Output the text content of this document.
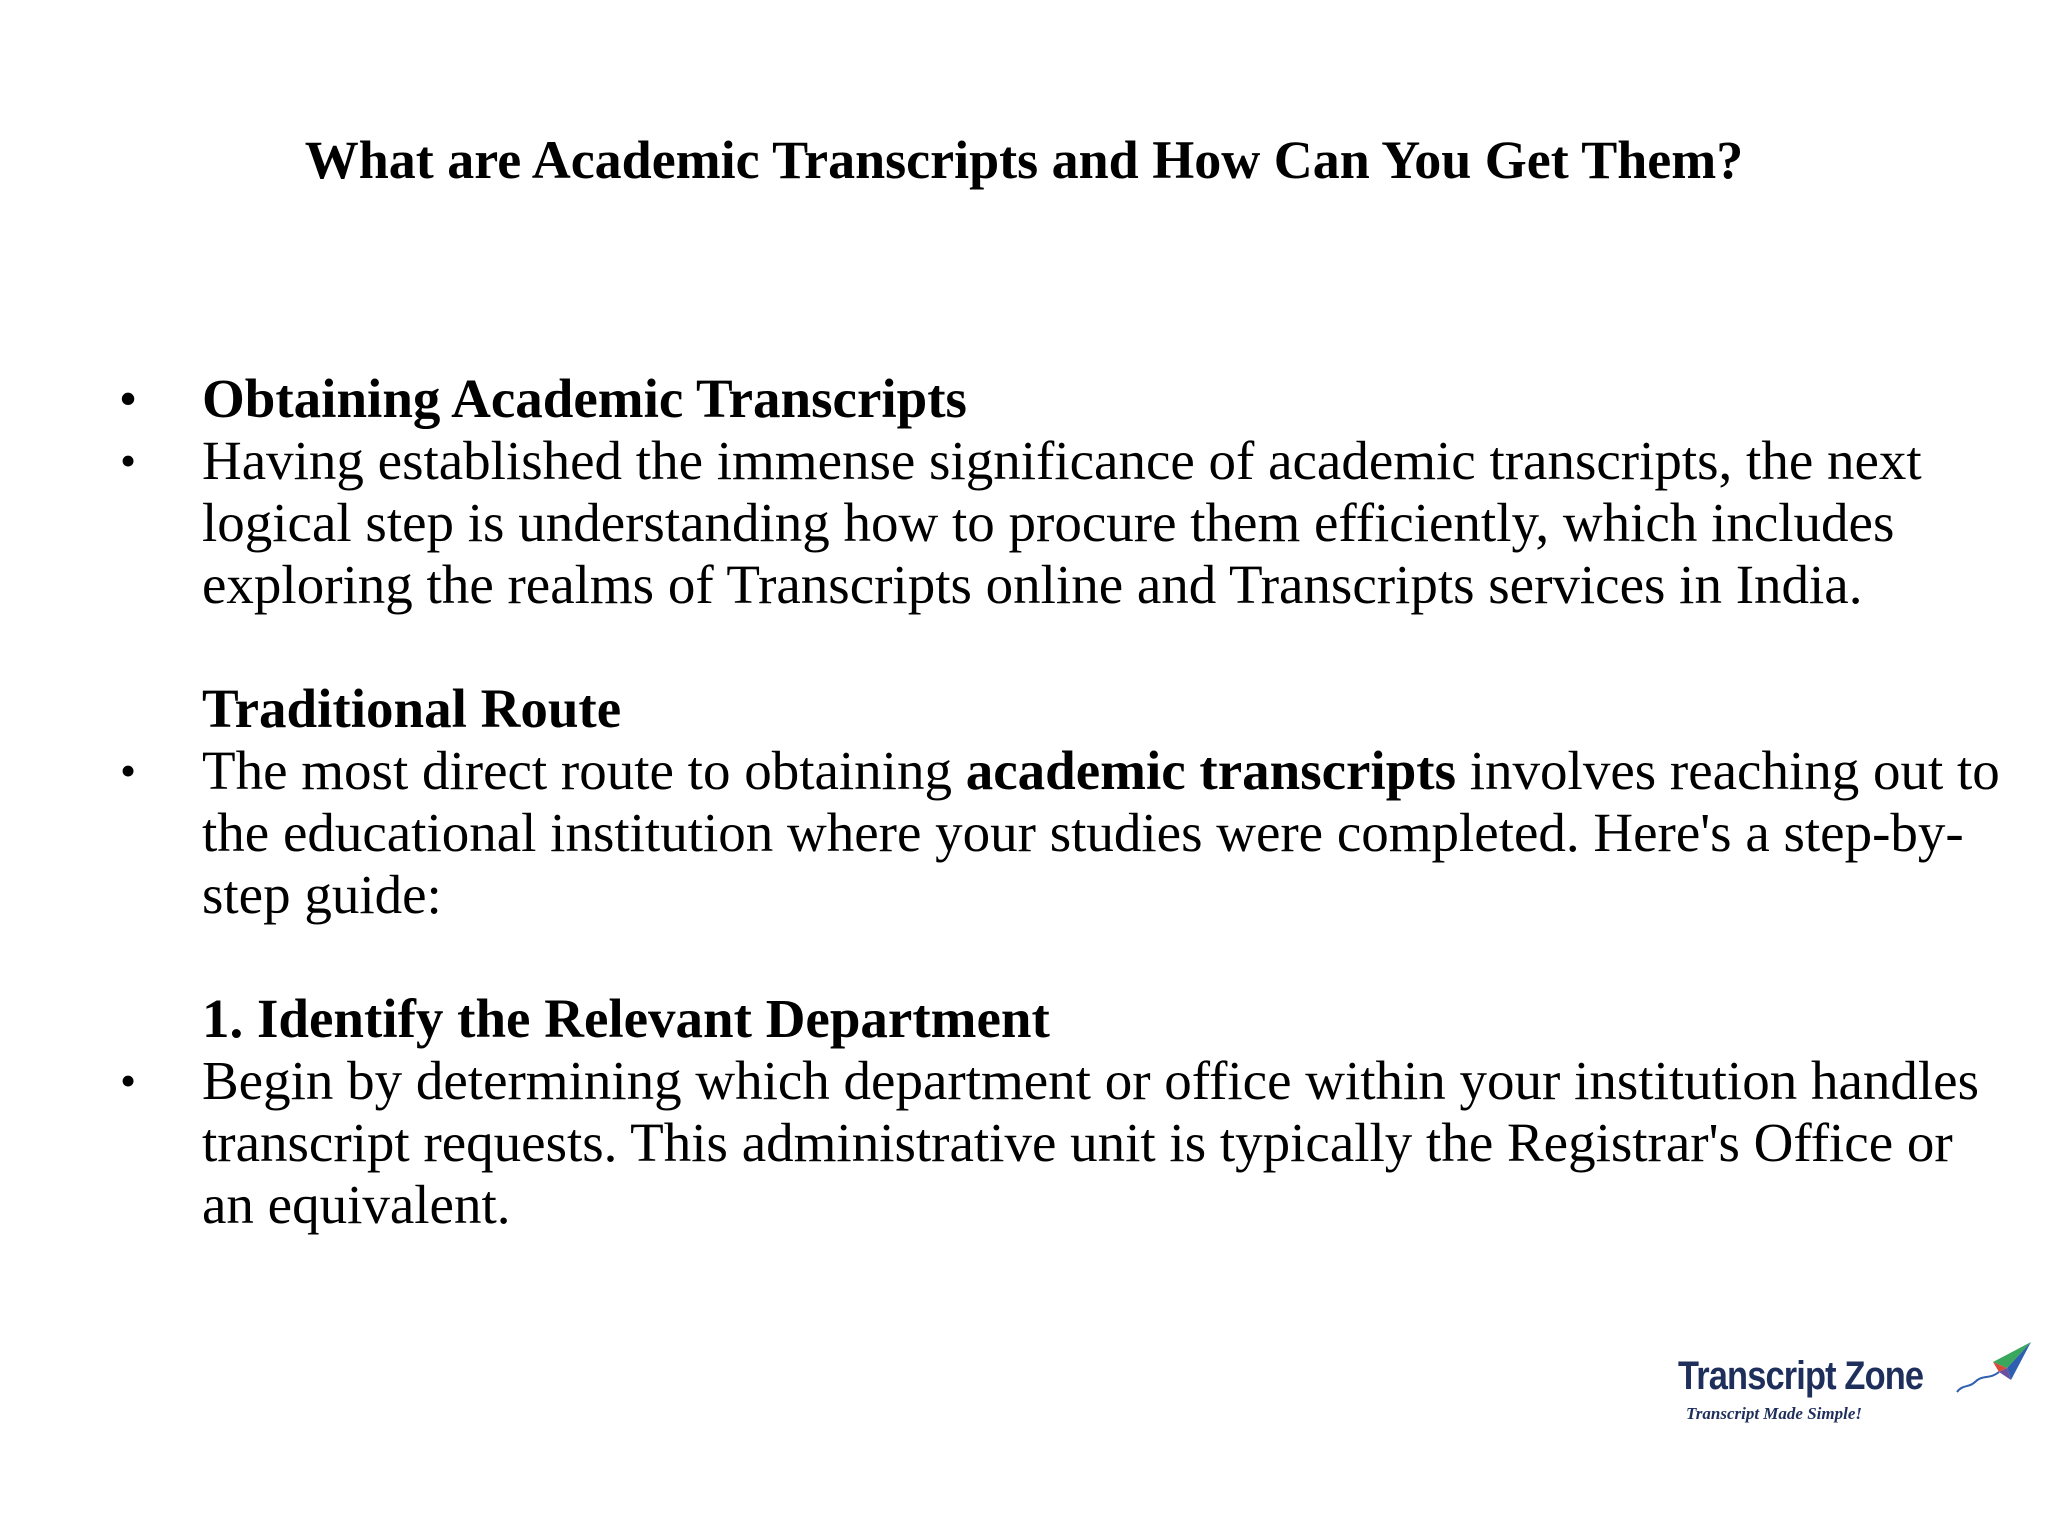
What are Academic Transcripts and How Can You Get Them?
•	Obtaining Academic Transcripts
•	Having established the immense significance of academic transcripts, the next logical step is understanding how to procure them efficiently, which includes exploring the realms of Transcripts online and Transcripts services in India.
Traditional Route
•	The most direct route to obtaining academic transcripts involves reaching out to the educational institution where your studies were completed. Here's a step-by-step guide:
1. Identify the Relevant Department
•	Begin by determining which department or office within your institution handles transcript requests. This administrative unit is typically the Registrar's Office or an equivalent.
Transcript Zone
Transcript Made Simple!
